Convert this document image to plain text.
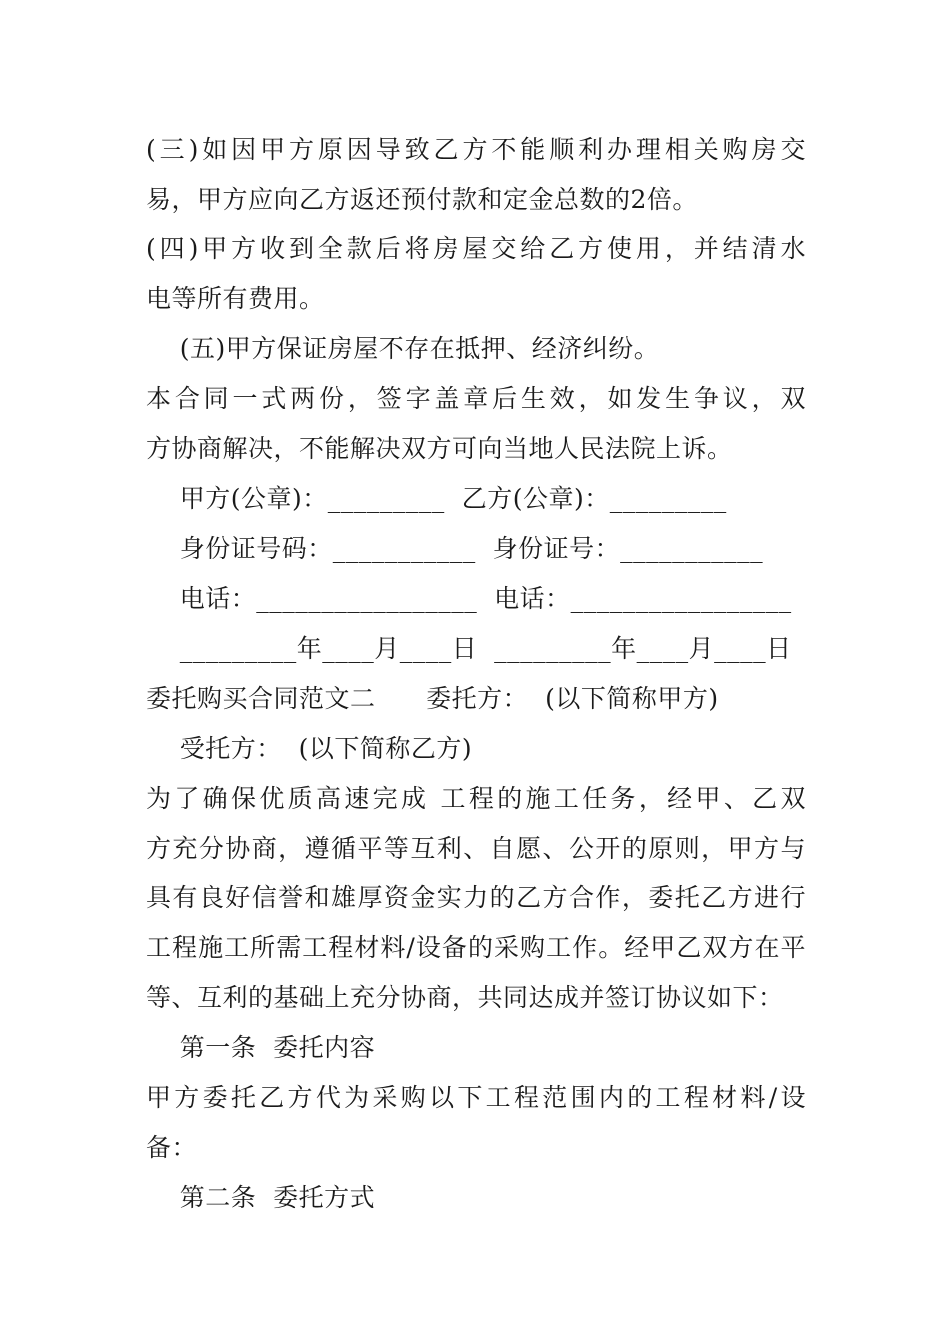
(三)如因甲方原因导致乙方不能顺利办理相关购房交
易，甲方应向乙方返还预付款和定金总数的2倍。
(四)甲方收到全款后将房屋交给乙方使用，并结清水
电等所有费用。
(五)甲方保证房屋不存在抵押、经济纠纷。
本合同一式两份，签字盖章后生效，如发生争议，双
方协商解决，不能解决双方可向当地人民法院上诉。
甲方(公章)：_________  乙方(公章)：_________
身份证号码：___________  身份证号：___________
电话：_________________  电话：_________________
_________年____月____日  _________年____月____日
委托购买合同范文二      委托方：  (以下简称甲方)
受托方：  (以下简称乙方)
为了确保优质高速完成 工程的施工任务，经甲、乙双
方充分协商，遵循平等互利、自愿、公开的原则，甲方与
具有良好信誉和雄厚资金实力的乙方合作，委托乙方进行
工程施工所需工程材料/设备的采购工作。经甲乙双方在平
等、互利的基础上充分协商，共同达成并签订协议如下：
第一条  委托内容
甲方委托乙方代为采购以下工程范围内的工程材料/设
备：
第二条  委托方式
